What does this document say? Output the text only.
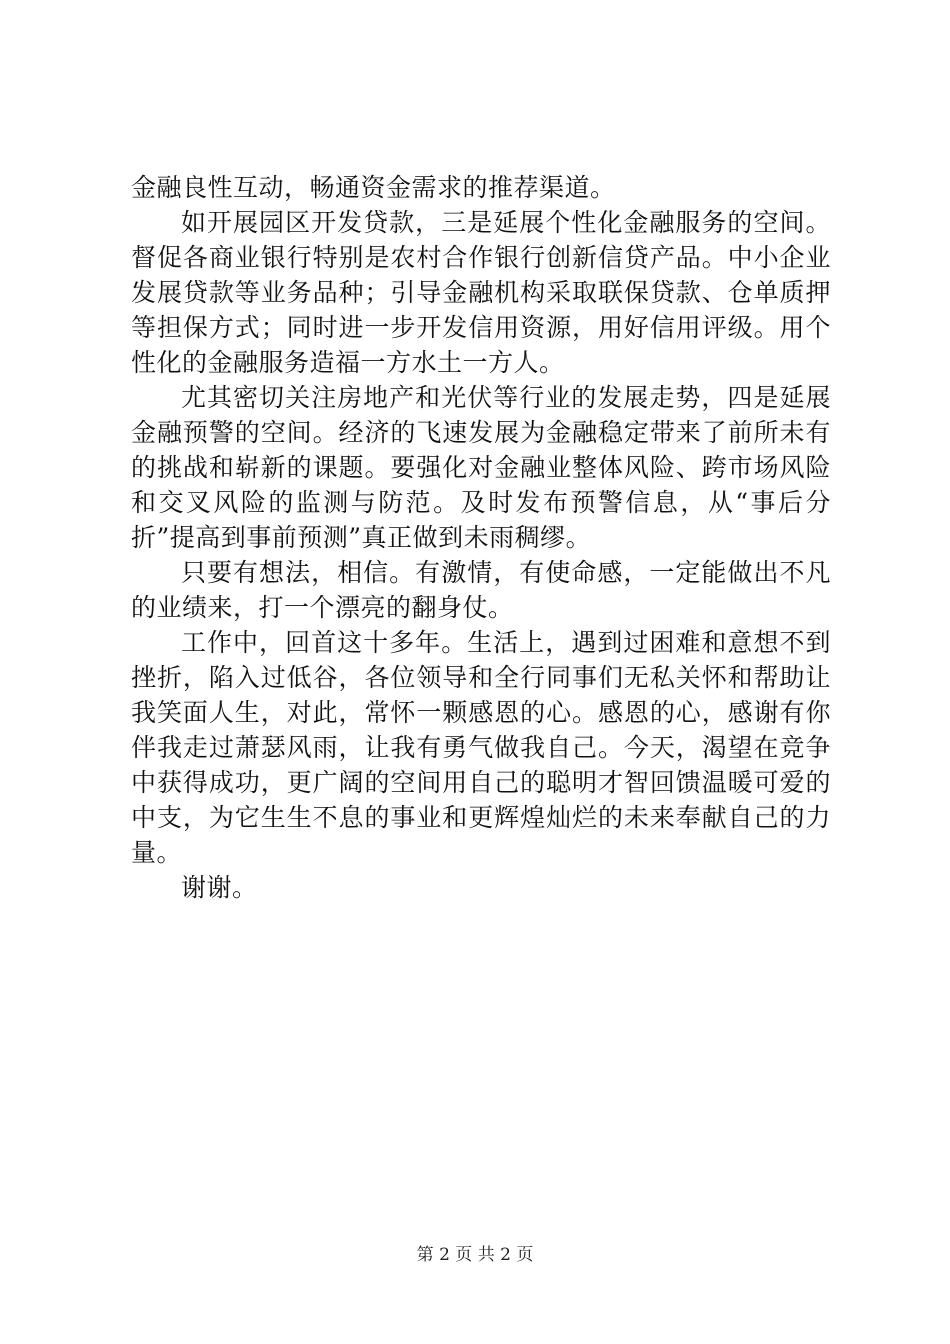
金融良性互动，畅通资金需求的推荐渠道。

如开展园区开发贷款，三是延展个性化金融服务的空间。督促各商业银行特别是农村合作银行创新信贷产品。中小企业发展贷款等业务品种；引导金融机构采取联保贷款、仓单质押等担保方式；同时进一步开发信用资源，用好信用评级。用个性化的金融服务造福一方水土一方人。

尤其密切关注房地产和光伏等行业的发展走势，四是延展金融预警的空间。经济的飞速发展为金融稳定带来了前所未有的挑战和崭新的课题。要强化对金融业整体风险、跨市场风险和交叉风险的监测与防范。及时发布预警信息，从“事后分折”提高到事前预测”真正做到未雨稠缪。

只要有想法，相信。有激情，有使命感，一定能做出不凡的业绩来，打一个漂亮的翻身仗。

工作中，回首这十多年。生活上，遇到过困难和意想不到挫折，陷入过低谷，各位领导和全行同事们无私关怀和帮助让我笑面人生，对此，常怀一颗感恩的心。感恩的心，感谢有你伴我走过萧瑟风雨，让我有勇气做我自己。今天，渴望在竞争中获得成功，更广阔的空间用自己的聪明才智回馈温暖可爱的中支，为它生生不息的事业和更辉煌灿烂的未来奉献自己的力量。

谢谢。

第 2 页 共 2 页
